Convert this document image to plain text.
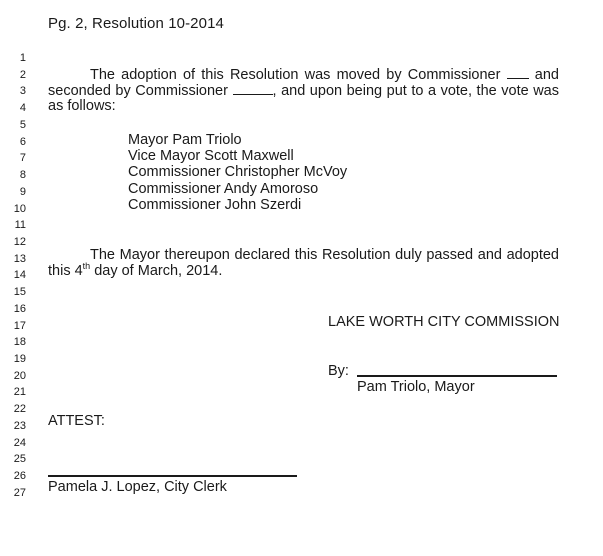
Pg. 2, Resolution 10-2014
1
2
3
4
5
6
7
8
9
10
11
12
13
14
15
16
17
18
19
20
21
22
23
24
25
26
27
The adoption of this Resolution was moved by Commissioner and
seconded by Commissioner	, and upon being put to a vote, the vote was
as follows:
Mayor Pam Triolo
Vice Mayor Scott Maxwell
Commissioner Christopher McVoy
Commissioner Andy Amoroso
Commissioner John Szerdi
The Mayor thereupon declared this Resolution duly passed and adopted
this 4th day of March, 2014.
LAKE WORTH CITY COMMISSION
By:
Pam Triolo, Mayor
ATTEST:
Pamela J. Lopez, City Clerk
